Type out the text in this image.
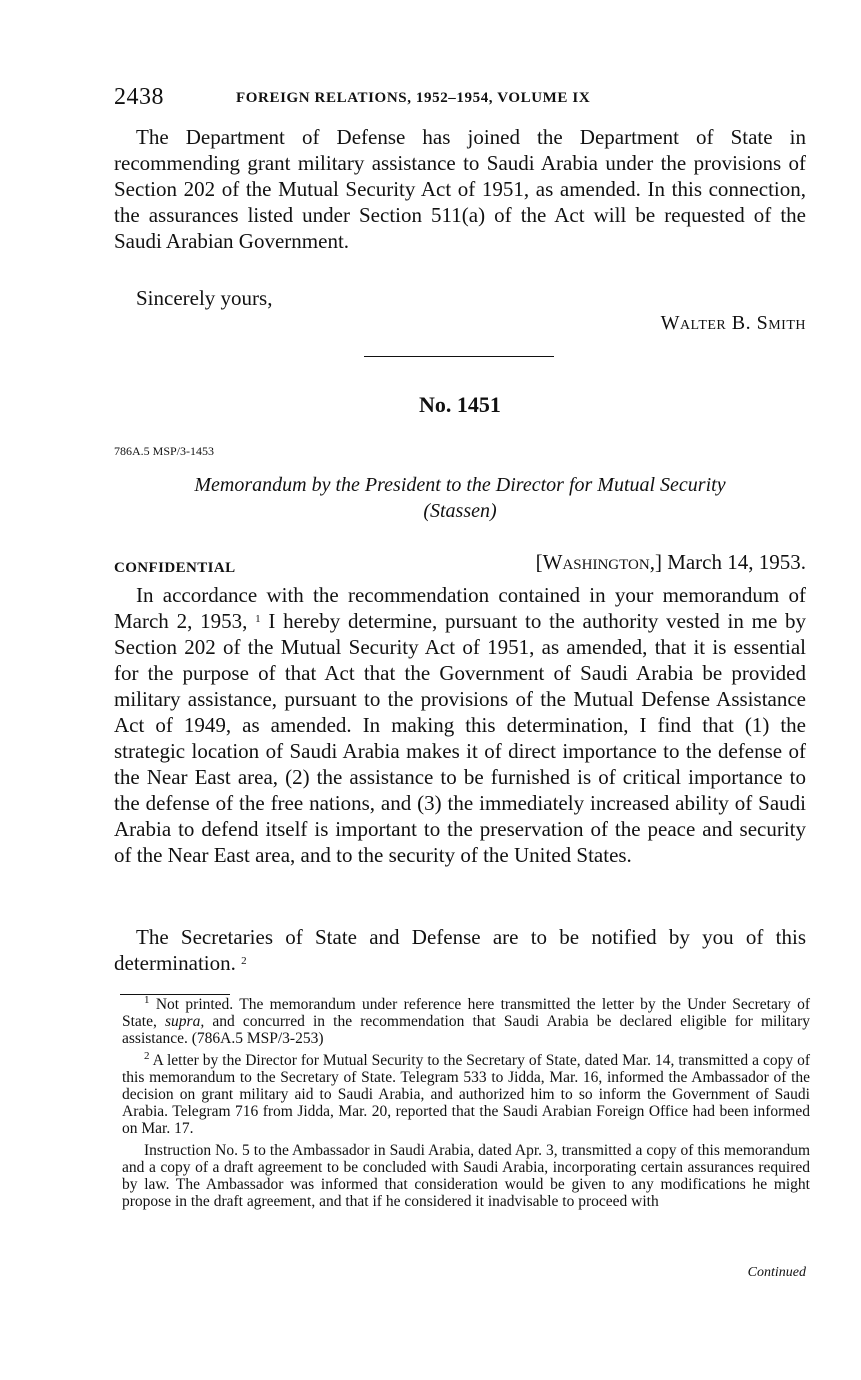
2438	FOREIGN RELATIONS, 1952–1954, VOLUME IX

The Department of Defense has joined the Department of State in recommending grant military assistance to Saudi Arabia under the provisions of Section 202 of the Mutual Security Act of 1951, as amended. In this connection, the assurances listed under Section 511(a) of the Act will be requested of the Saudi Arabian Government.

Sincerely yours,
Walter B. Smith
No. 1451
786A.5 MSP/3-1453
Memorandum by the President to the Director for Mutual Security
(Stassen)
CONFIDENTIAL	[Washington,] March 14, 1953.

In accordance with the recommendation contained in your memorandum of March 2, 1953, $^1$ I hereby determine, pursuant to the authority vested in me by Section 202 of the Mutual Security Act of 1951, as amended, that it is essential for the purpose of that Act that the Government of Saudi Arabia be provided military assistance, pursuant to the provisions of the Mutual Defense Assistance Act of 1949, as amended. In making this determination, I find that (1) the strategic location of Saudi Arabia makes it of direct importance to the defense of the Near East area, (2) the assistance to be furnished is of critical importance to the defense of the free nations, and (3) the immediately increased ability of Saudi Arabia to defend itself is important to the preservation of the peace and security of the Near East area, and to the security of the United States.

The Secretaries of State and Defense are to be notified by you of this determination. $^2$

$^1$ Not printed. The memorandum under reference here transmitted the letter by the Under Secretary of State, supra, and concurred in the recommendation that Saudi Arabia be declared eligible for military assistance. (786A.5 MSP/3-253)

$^2$ A letter by the Director for Mutual Security to the Secretary of State, dated Mar. 14, transmitted a copy of this memorandum to the Secretary of State. Telegram 533 to Jidda, Mar. 16, informed the Ambassador of the decision on grant military aid to Saudi Arabia, and authorized him to so inform the Government of Saudi Arabia. Telegram 716 from Jidda, Mar. 20, reported that the Saudi Arabian Foreign Office had been informed on Mar. 17.

Instruction No. 5 to the Ambassador in Saudi Arabia, dated Apr. 3, transmitted a copy of this memorandum and a copy of a draft agreement to be concluded with Saudi Arabia, incorporating certain assurances required by law. The Ambassador was informed that consideration would be given to any modifications he might propose in the draft agreement, and that if he considered it inadvisable to proceed with

Continued
